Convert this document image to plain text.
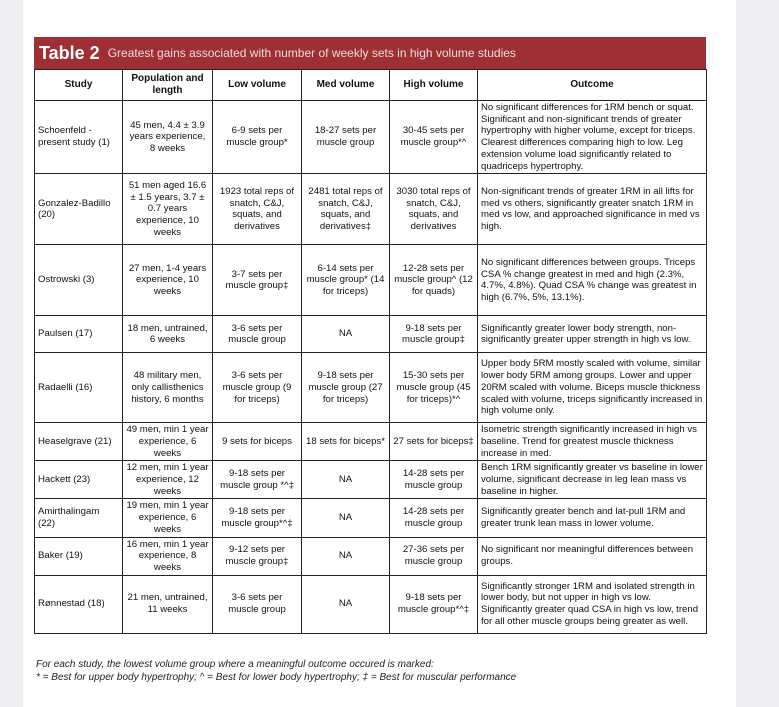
Table 2 Greatest gains associated with number of weekly sets in high volume studies
Study	Population and length	Low volume	Med volume	High volume	Outcome
Schoenfeld - present study (1)	45 men, 4.4 ± 3.9 years experience, 8 weeks	6-9 sets per muscle group*	18-27 sets per muscle group	30-45 sets per muscle group*^	No significant differences for 1RM bench or squat. Significant and non-significant trends of greater hypertrophy with higher volume, except for triceps. Clearest differences comparing high to low. Leg extension volume load significantly related to quadriceps hypertrophy.
Gonzalez-Badillo (20)	51 men aged 16.6 ± 1.5 years, 3.7 ± 0.7 years experience, 10 weeks	1923 total reps of snatch, C&J, squats, and derivatives	2481 total reps of snatch, C&J, squats, and derivatives‡	3030 total reps of snatch, C&J, squats, and derivatives	Non-significant trends of greater 1RM in all lifts for med vs others, significantly greater snatch 1RM in med vs low, and approached significance in med vs high.
Ostrowski (3)	27 men, 1-4 years experience, 10 weeks	3-7 sets per muscle group‡	6-14 sets per muscle group* (14 for triceps)	12-28 sets per muscle group^ (12 for quads)	No significant differences between groups. Triceps CSA % change greatest in med and high (2.3%, 4.7%, 4.8%). Quad CSA % change was greatest in high (6.7%, 5%, 13.1%).
Paulsen (17)	18 men, untrained, 6 weeks	3-6 sets per muscle group	NA	9-18 sets per muscle group‡	Significantly greater lower body strength, non-significantly greater upper strength in high vs low.
Radaelli (16)	48 military men, only callisthenics history, 6 months	3-6 sets per muscle group (9 for triceps)	9-18 sets per muscle group (27 for triceps)	15-30 sets per muscle group (45 for triceps)*^	Upper body 5RM mostly scaled with volume, similar lower body 5RM among groups. Lower and upper 20RM scaled with volume. Biceps muscle thickness scaled with volume, triceps significantly increased in high volume only.
Heaselgrave (21)	49 men, min 1 year experience, 6 weeks	9 sets for biceps	18 sets for biceps*	27 sets for biceps‡	Isometric strength significantly increased in high vs baseline. Trend for greatest muscle thickness increase in med.
Hackett (23)	12 men, min 1 year experience, 12 weeks	9-18 sets per muscle group *^‡	NA	14-28 sets per muscle group	Bench 1RM significantly greater vs baseline in lower volume, significant decrease in leg lean mass vs baseline in higher.
Amirthalingam (22)	19 men, min 1 year experience, 6 weeks	9-18 sets per muscle group*^‡	NA	14-28 sets per muscle group	Significantly greater bench and lat-pull 1RM and greater trunk lean mass in lower volume.
Baker (19)	16 men, min 1 year experience, 8 weeks	9-12 sets per muscle group‡	NA	27-36 sets per muscle group	No significant nor meaningful differences between groups.
Rønnestad (18)	21 men, untrained, 11 weeks	3-6 sets per muscle group	NA	9-18 sets per muscle group*^‡	Significantly stronger 1RM and isolated strength in lower body, but not upper in high vs low. Significantly greater quad CSA in high vs low, trend for all other muscle groups being greater as well.
For each study, the lowest volume group where a meaningful outcome occured is marked:
* = Best for upper body hypertrophy; ^ = Best for lower body hypertrophy; ‡ = Best for muscular performance
